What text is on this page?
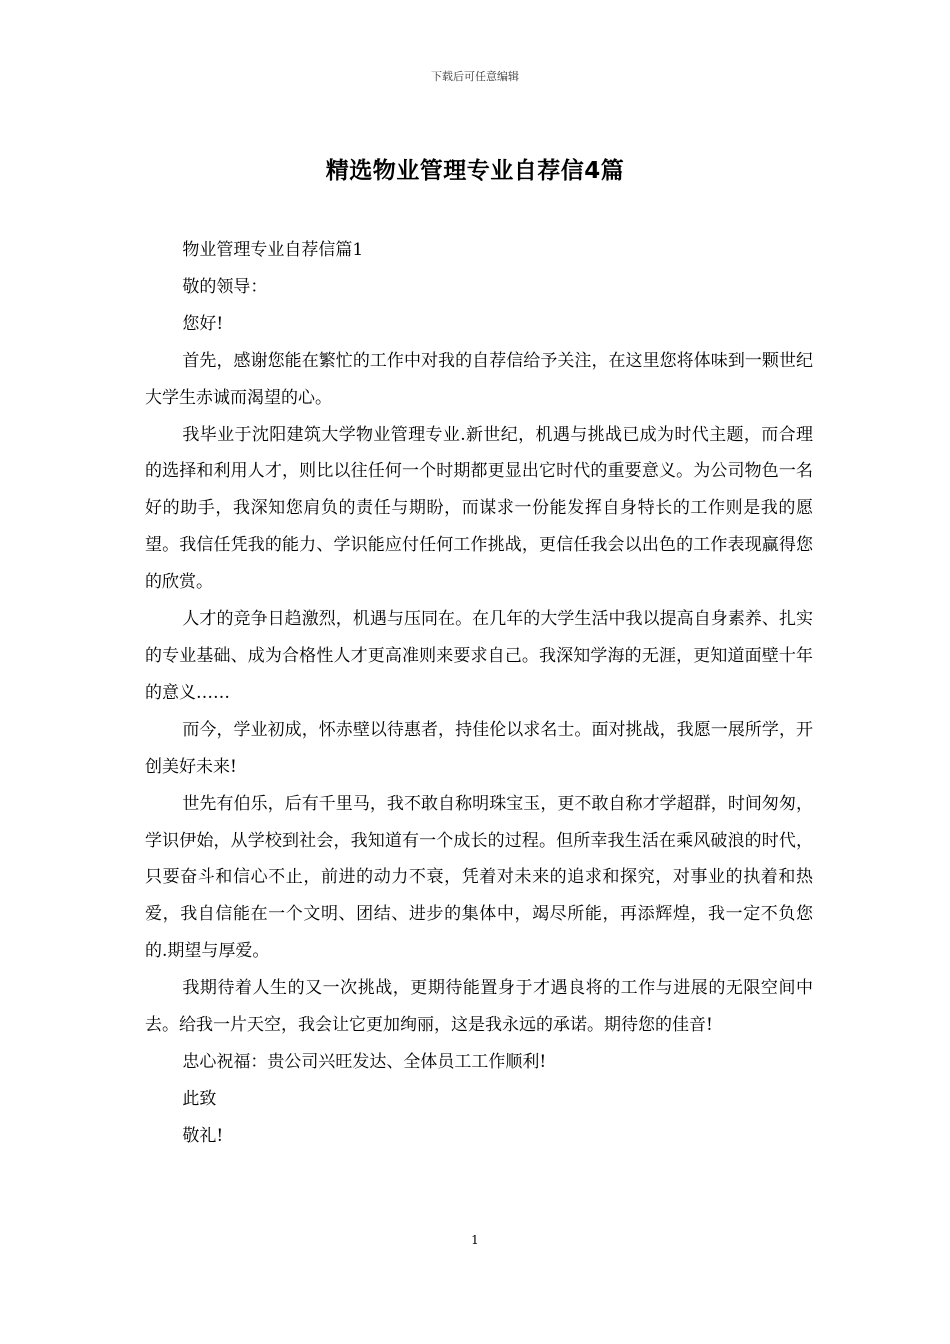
下载后可任意编辑
精选物业管理专业自荐信4篇

物业管理专业自荐信篇1

敬的领导：

您好!

首先，感谢您能在繁忙的工作中对我的自荐信给予关注，在这里您将体味到一颗世纪大学生赤诚而渴望的心。

我毕业于沈阳建筑大学物业管理专业.新世纪，机遇与挑战已成为时代主题，而合理的选择和利用人才，则比以往任何一个时期都更显出它时代的重要意义。为公司物色一名好的助手，我深知您肩负的责任与期盼，而谋求一份能发挥自身特长的工作则是我的愿望。我信任凭我的能力、学识能应付任何工作挑战，更信任我会以出色的工作表现赢得您的欣赏。

人才的竞争日趋激烈，机遇与压同在。在几年的大学生活中我以提高自身素养、扎实的专业基础、成为合格性人才更高准则来要求自己。我深知学海的无涯，更知道面壁十年的意义……

而今，学业初成，怀赤壁以待惠者，持佳伦以求名士。面对挑战，我愿一展所学，开创美好未来!

世先有伯乐，后有千里马，我不敢自称明珠宝玉，更不敢自称才学超群，时间匆匆，学识伊始，从学校到社会，我知道有一个成长的过程。但所幸我生活在乘风破浪的时代，只要奋斗和信心不止，前进的动力不衰，凭着对未来的追求和探究，对事业的执着和热爱，我自信能在一个文明、团结、进步的集体中，竭尽所能，再添辉煌，我一定不负您的.期望与厚爱。

我期待着人生的又一次挑战，更期待能置身于才遇良将的工作与进展的无限空间中去。给我一片天空，我会让它更加绚丽，这是我永远的承诺。期待您的佳音!

忠心祝福：贵公司兴旺发达、全体员工工作顺利!

此致

敬礼!

1
